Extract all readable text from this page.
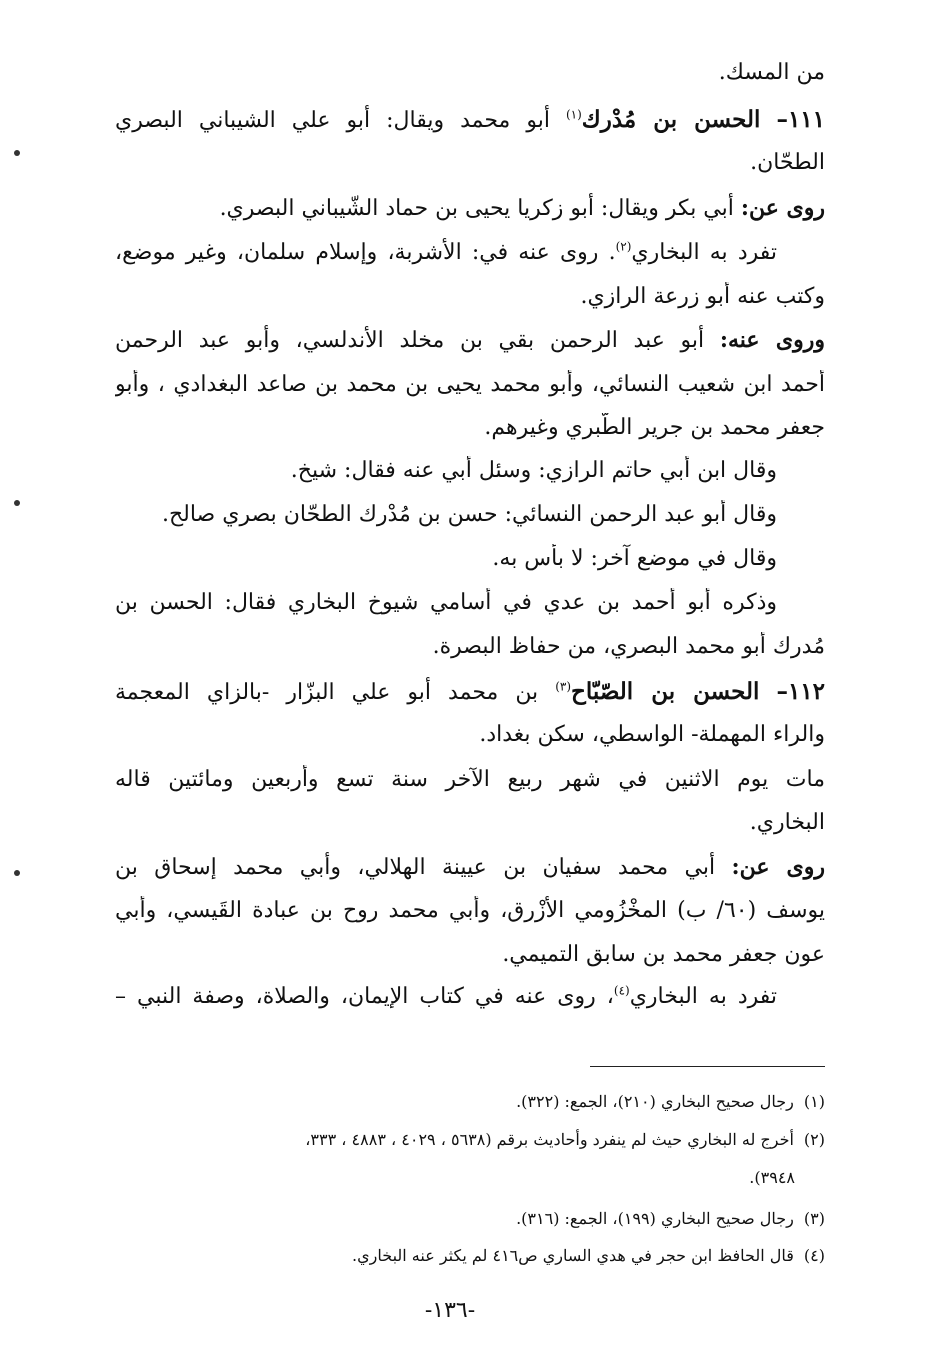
من المسك.
١١١– الحسن بن مُدْرك$^{(١)}$ أبو محمد ويقال: أبو علي الشيباني البصري
الطحّان.
روى عن: أبي بكر ويقال: أبو زكريا يحيى بن حماد الشّيباني البصري.
تفرد به البخاري$^{(٢)}$. روى عنه في: الأشربة، وإسلام سلمان، وغير موضع،
وكتب عنه أبو زرعة الرازي.
وروى عنه: أبو عبد الرحمن بقي بن مخلد الأندلسي، وأبو عبد الرحمن
أحمد ابن شعيب النسائي، وأبو محمد يحيى بن محمد بن صاعد البغدادي ، وأبو
جعفر محمد بن جرير الطّبري وغيرهم.
وقال ابن أبي حاتم الرازي: وسئل أبي عنه فقال: شيخ.
وقال أبو عبد الرحمن النسائي: حسن بن مُدْرك الطحّان بصري صالح.
وقال في موضع آخر: لا بأس به.
وذكره أبو أحمد بن عدي في أسامي شيوخ البخاري فقال: الحسن بن
مُدرك أبو محمد البصري، من حفاظ البصرة.
١١٢– الحسن بن الصّبّاح$^{(٣)}$ بن محمد أبو علي البزّار -بالزاي المعجمة
والراء المهملة- الواسطي، سكن بغداد.
مات يوم الاثنين في شهر ربيع الآخر سنة تسع وأربعين ومائتين قاله
البخاري.
روى عن: أبي محمد سفيان بن عيينة الهلالي، وأبي محمد إسحاق بن
يوسف (٦٠/ ب) المخْزُومي الأزْرق، وأبي محمد روح بن عبادة القَيسي، وأبي
عون جعفر محمد بن سابق التميمي.
تفرد به البخاري$^{(٤)}$، روى عنه في كتاب الإيمان، والصلاة، وصفة النبي –
(١)رجال صحيح البخاري (٢١٠)، الجمع: (٣٢٢).
(٢)أخرج له البخاري حيث لم ينفرد وأحاديث برقم (٥٦٣٨ ، ٤٠٢٩ ، ٤٨٨٣ ، ٣٣٣،
٣٩٤٨).
(٣)رجال صحيح البخاري (١٩٩)، الجمع: (٣١٦).
(٤)قال الحافظ ابن حجر في هدي الساري ص٤١٦ لم يكثر عنه البخاري.
-١٣٦-
